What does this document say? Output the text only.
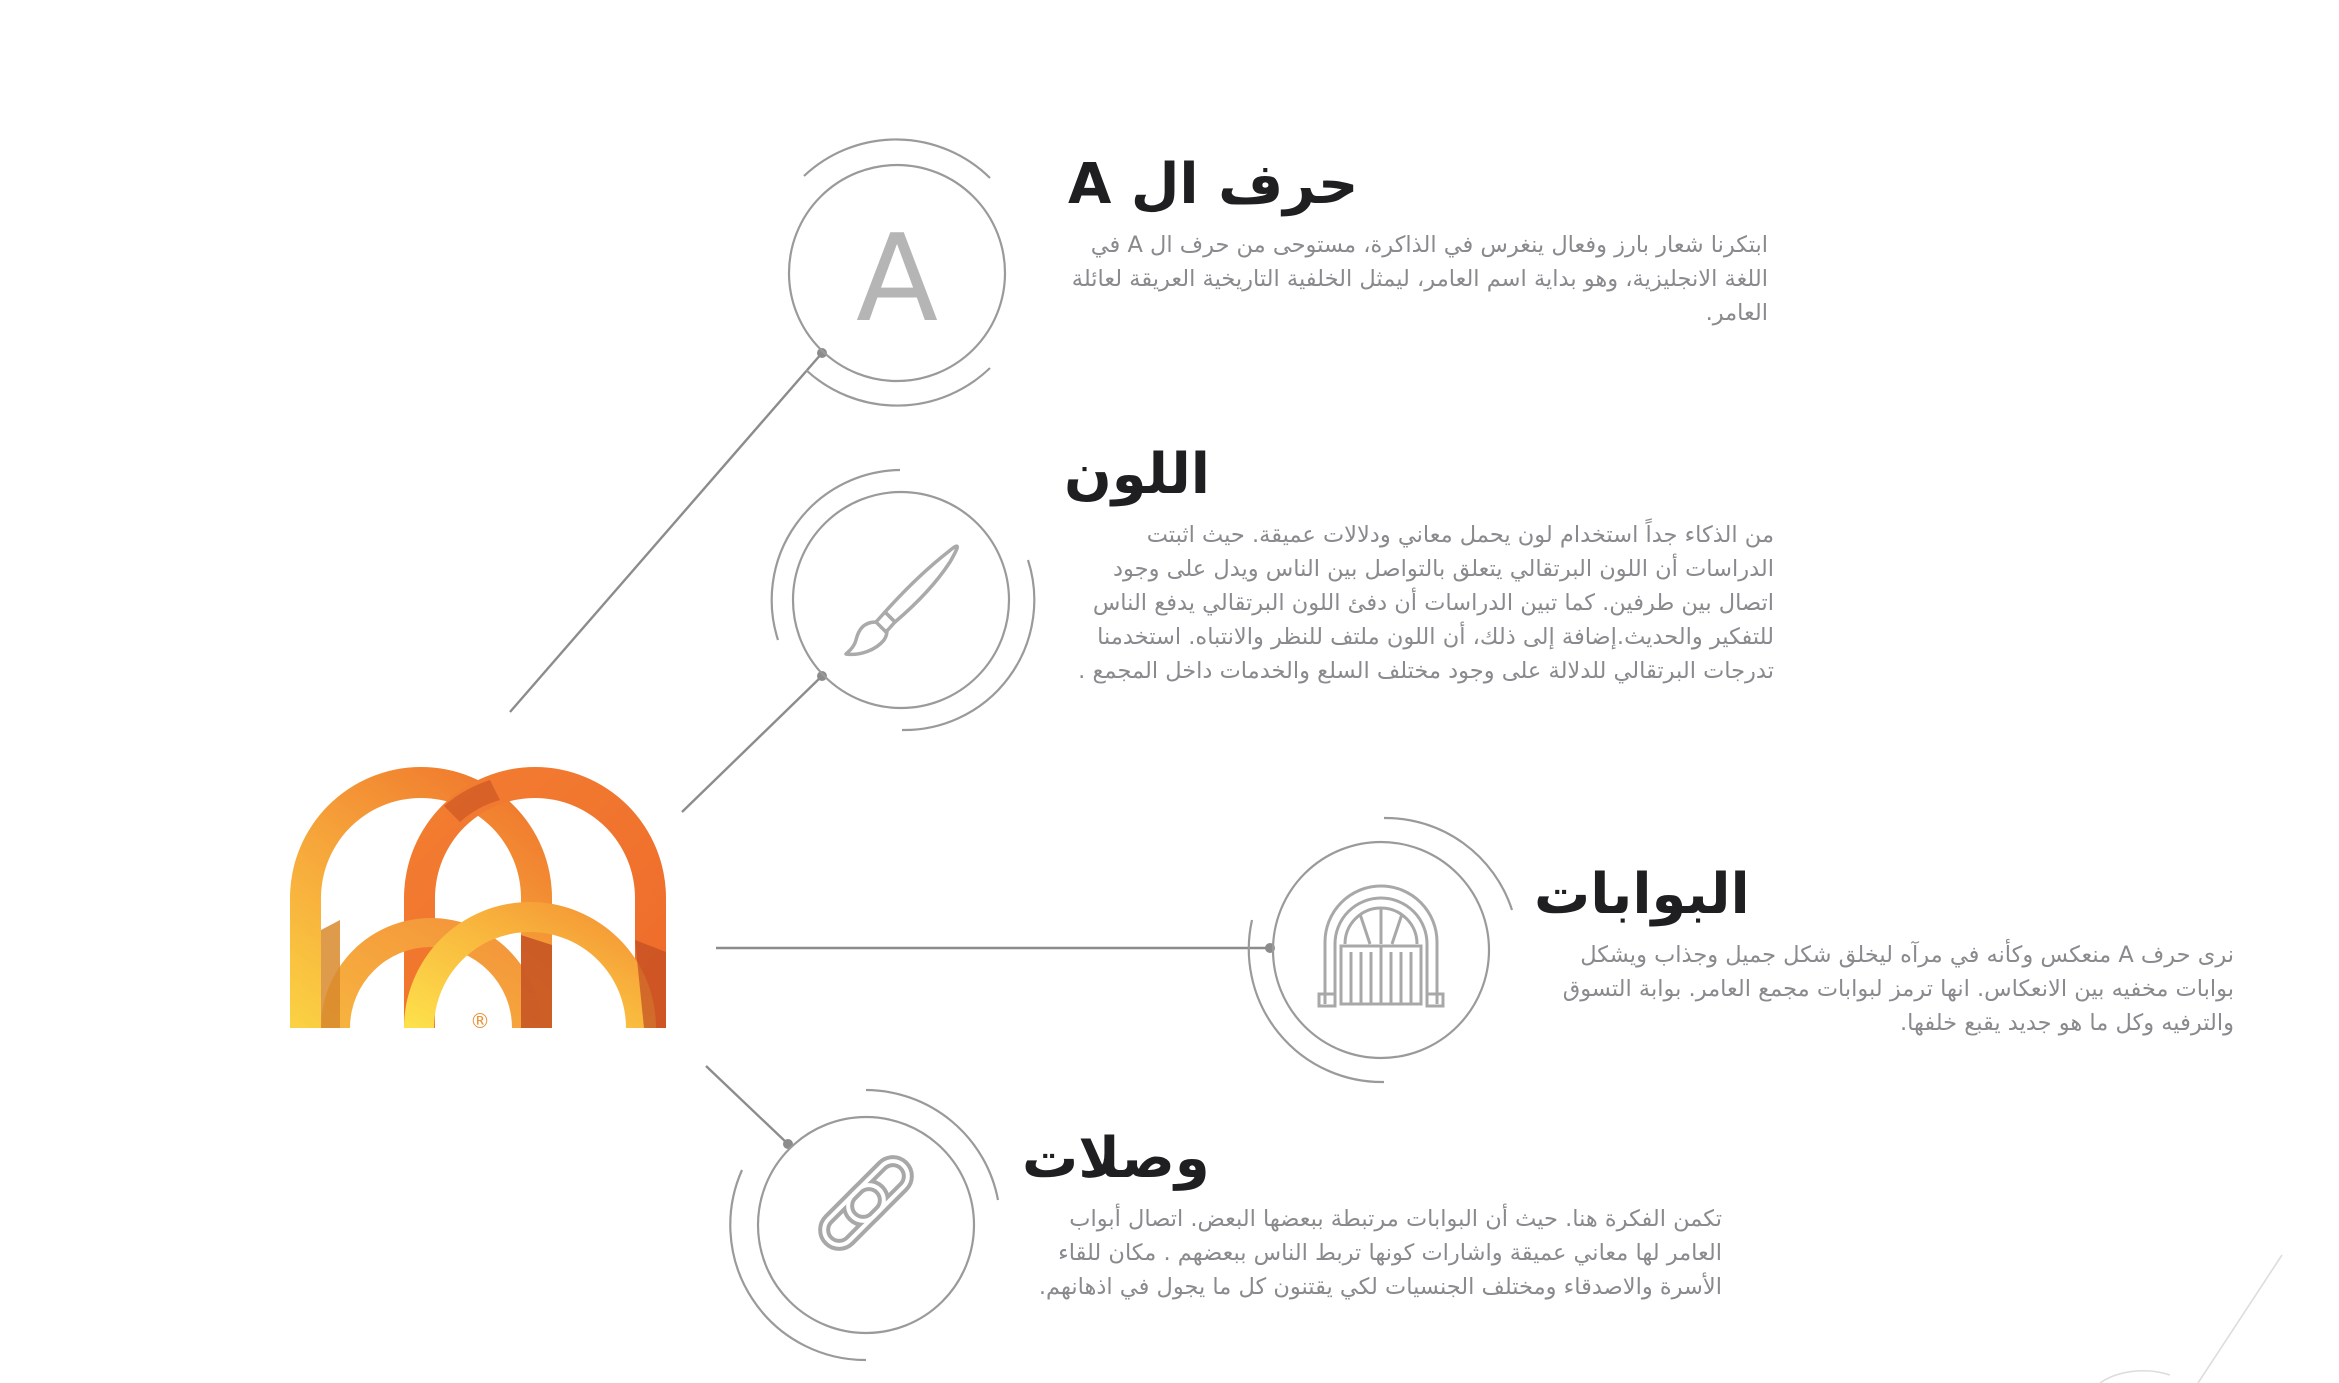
A
®
حرف ال A

ابتكرنا شعار بارز وفعال ينغرس في الذاكرة، مستوحى من حرف ال A في اللغة الانجليزية، وهو بداية اسم العامر، ليمثل الخلفية التاريخية العريقة لعائلة العامر.

اللون

من الذكاء جداً استخدام لون يحمل معاني ودلالات عميقة. حيث اثبتت الدراسات أن اللون البرتقالي يتعلق بالتواصل بين الناس ويدل على وجود اتصال بين طرفين. كما تبين الدراسات أن دفئ اللون البرتقالي يدفع الناس للتفكير والحديث.إضافة إلى ذلك، أن اللون ملتف للنظر والانتباه. استخدمنا تدرجات البرتقالي للدلالة على وجود مختلف السلع والخدمات داخل المجمع .

البوابات

نرى حرف A منعكس وكأنه في مرآه ليخلق شكل جميل وجذاب ويشكل بوابات مخفيه بين الانعكاس. انها ترمز لبوابات مجمع العامر. بوابة التسوق والترفيه وكل ما هو جديد يقبع خلفها.

وصلات

تكمن الفكرة هنا. حيث أن البوابات مرتبطة ببعضها البعض. اتصال أبواب العامر لها معاني عميقة واشارات كونها تربط الناس ببعضهم . مكان للقاء الأسرة والاصدقاء ومختلف الجنسيات لكي يقتنون كل ما يجول في اذهانهم.
